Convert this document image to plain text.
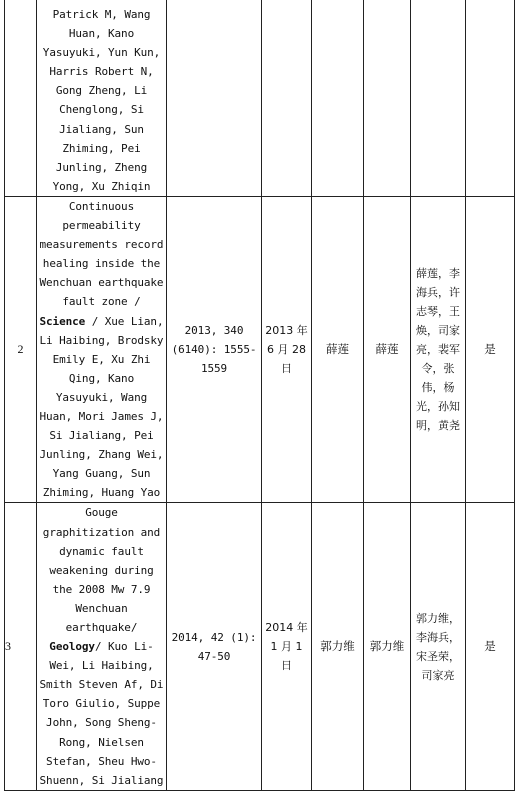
	Patrick M, Wang Huan, Kano Yasuyuki, Yun Kun, Harris Robert N, Gong Zheng, Li Chenglong, Si Jialiang, Sun Zhiming, Pei Junling, Zheng Yong, Xu Zhiqin						
2	Continuous permeability measurements record healing inside the Wenchuan earthquake fault zone / Science / Xue Lian, Li Haibing, Brodsky Emily E, Xu Zhi Qing, Kano Yasuyuki, Wang Huan, Mori James J, Si Jialiang, Pei Junling, Zhang Wei, Yang Guang, Sun Zhiming, Huang Yao	2013, 340 (6140): 1555-1559	2013 年 6 月 28 日	薛莲	薛莲	薛莲，李海兵，许志琴，王焕，司家亮，裴军令，张伟，杨光，孙知明，黄尧	是
3	Gouge graphitization and dynamic fault weakening during the 2008 Mw 7.9 Wenchuan earthquake/ Geology/ Kuo Li-Wei, Li Haibing, Smith Steven Af, Di Toro Giulio, Suppe John, Song Sheng-Rong, Nielsen Stefan, Sheu Hwo-Shuenn, Si Jialiang	2014, 42 (1): 47-50	2014 年 1 月 1 日	郭力维	郭力维	郭力维，李海兵，宋圣荣，司家亮	是
